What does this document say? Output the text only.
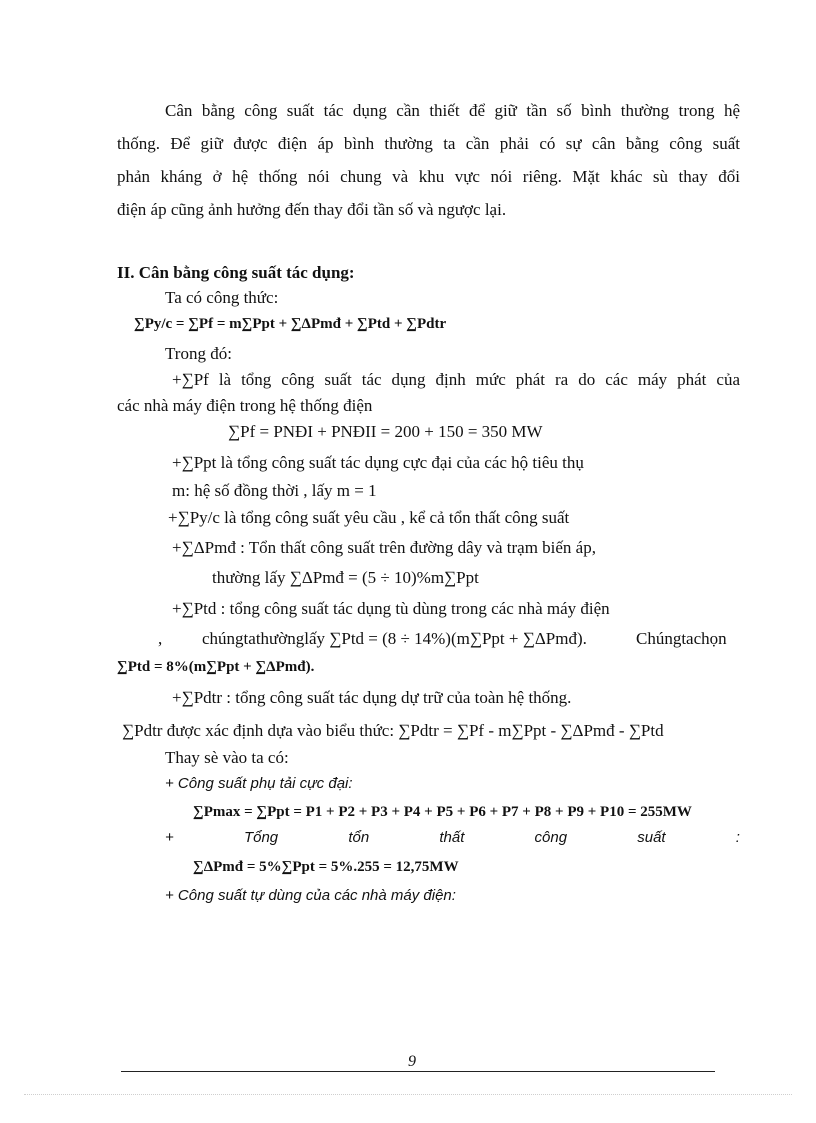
Cân bằng công suất tác dụng cần thiết để giữ tần số bình thường trong hệ
thống. Để giữ được điện áp bình thường ta cần phải có sự cân bằng công suất
phản kháng ở hệ thống nói chung và khu vực nói riêng. Mặt khác sù thay đổi
điện áp cũng ảnh hưởng đến thay đổi tần số và ngược lại.
II. Cân bằng công suất tác dụng:
Ta có công thức:
∑Py/c = ∑Pf = m∑Ppt + ∑ΔPmđ + ∑Ptd + ∑Pdtr
Trong đó:
+∑Pf là tổng công suất tác dụng định mức phát ra do các máy phát của
các nhà máy điện trong hệ thống điện
∑Pf = PNĐI + PNĐII = 200 + 150 = 350 MW
+∑Ppt là tổng công suất tác dụng cực đại của các hộ tiêu thụ
m: hệ số đồng thời , lấy m = 1
+∑Py/c là tổng công suất yêu cầu , kể cả tổn thất công suất
+∑ΔPmđ : Tổn thất công suất trên đường dây và trạm biến áp,
thường lấy ∑ΔPmđ = (5 ÷ 10)%m∑Ppt
+∑Ptd : tổng công suất tác dụng tù dùng trong các nhà máy điện
, chúngtathườnglấy ∑Ptd = (8 ÷ 14%)(m∑Ppt + ∑ΔPmđ).	Chúngtachọn
∑Ptd = 8%(m∑Ppt + ∑ΔPmđ).
+∑Pdtr : tổng công suất tác dụng dự trữ của toàn hệ thống.
∑Pdtr được xác định dựa vào biểu thức: ∑Pdtr = ∑Pf - m∑Ppt - ∑ΔPmđ - ∑Ptd
Thay sè vào ta có:
+ Công suất phụ tải cực đại:
∑Pmax = ∑Ppt = P1 + P2 + P3 + P4 + P5 + P6 + P7 + P8 + P9 + P10 = 255MW
+	Tổng	tổn	thất	công	suất	:
∑ΔPmđ = 5%∑Ppt = 5%.255 = 12,75MW
+ Công suất tự dùng của các nhà máy điện:
9
